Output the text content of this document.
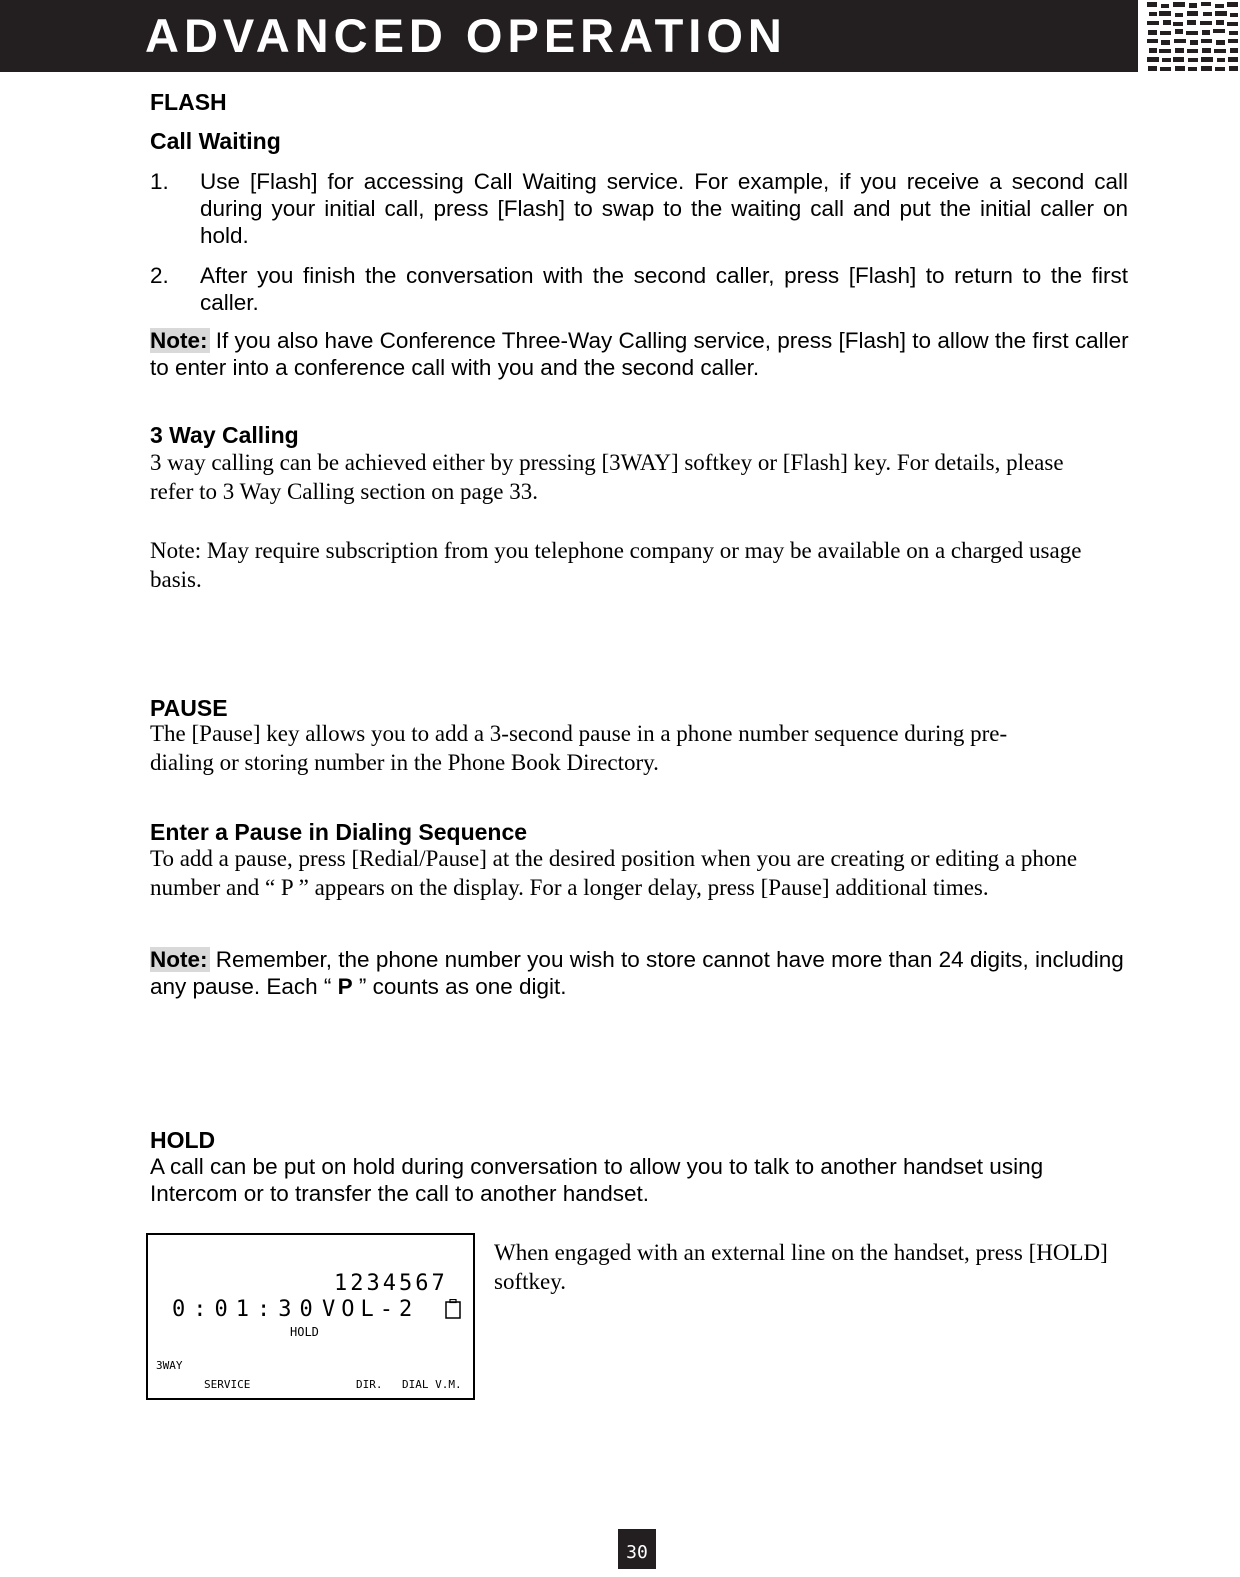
ADVANCED OPERATION
FLASH
Call Waiting
1. Use [Flash] for accessing Call Waiting service. For example, if you receive a second call during your initial call, press [Flash] to swap to the waiting call and put the initial caller on hold.
2. After you finish the conversation with the second caller, press [Flash] to return to the first caller.
Note: If you also have Conference Three-Way Calling service, press [Flash] to allow the first caller to enter into a conference call with you and the second caller.
3 Way Calling
3 way calling can be achieved either by pressing [3WAY] softkey or [Flash] key. For details, please refer to 3 Way Calling section on page 33.
Note: May require subscription from you telephone company or may be available on a charged usage basis.
PAUSE
The [Pause] key allows you to add a 3-second pause in a phone number sequence during pre-dialing or storing number in the Phone Book Directory.
Enter a Pause in Dialing Sequence
To add a pause, press [Redial/Pause] at the desired position when you are creating or editing a phone number and “ P ” appears on the display. For a longer delay, press [Pause] additional times.
Note: Remember, the phone number you wish to store cannot have more than 24 digits, including any pause. Each “ P ” counts as one digit.
HOLD
A call can be put on hold during conversation to allow you to talk to another handset using Intercom or to transfer the call to another handset.
When engaged with an external line on the handset, press [HOLD] softkey.
1234567
0:01:30 VOL-2
HOLD
3WAY
SERVICE	DIR. DIAL V.M.
30
